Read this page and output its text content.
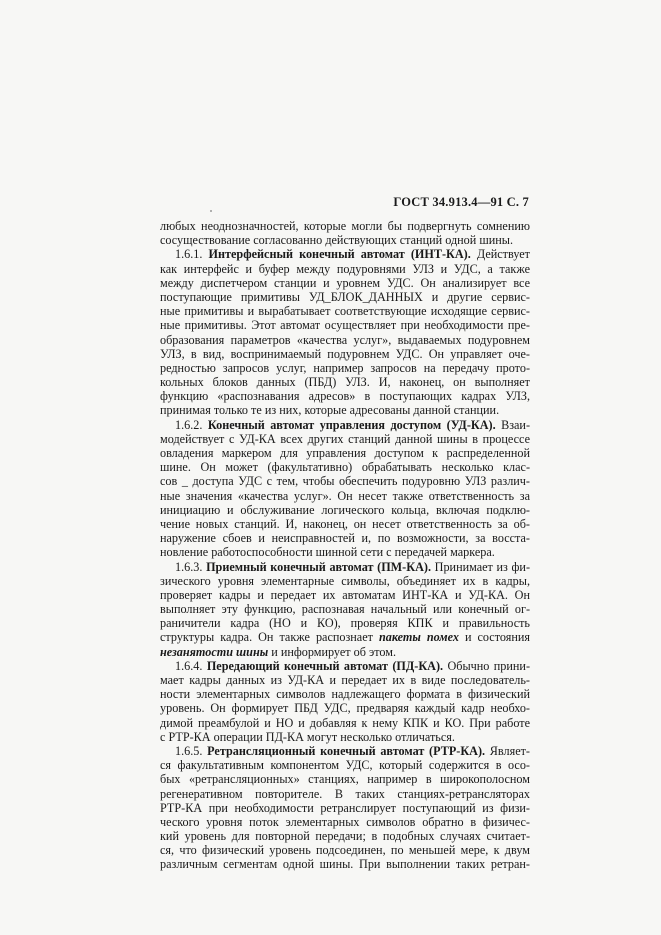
ГОСТ 34.913.4—91 С. 7
любых неоднозначностей, которые могли бы подвергнуть сомнению
сосуществование согласованно действующих станций одной шины.
1.6.1. Интерфейсный конечный автомат (ИНТ-КА). Действует
как интерфейс и буфер между подуровнями УЛЗ и УДС, а также
между диспетчером станции и уровнем УДС. Он анализирует все
поступающие примитивы УД_БЛОК_ДАННЫХ и другие сервис-
ные примитивы и вырабатывает соответствующие исходящие сервис-
ные примитивы. Этот автомат осуществляет при необходимости пре-
образования параметров «качества услуг», выдаваемых подуровнем
УЛЗ, в вид, воспринимаемый подуровнем УДС. Он управляет оче-
редностью запросов услуг, например запросов на передачу прото-
кольных блоков данных (ПБД) УЛЗ. И, наконец, он выполняет
функцию «распознавания адресов» в поступающих кадрах УЛЗ,
принимая только те из них, которые адресованы данной станции.
1.6.2. Конечный автомат управления доступом (УД-КА). Взаи-
модействует с УД-КА всех других станций данной шины в процессе
овладения маркером для управления доступом к распределенной
шине. Он может (факультативно) обрабатывать несколько клас-
сов _ доступа УДС с тем, чтобы обеспечить подуровню УЛЗ различ-
ные значения «качества услуг». Он несет также ответственность за
инициацию и обслуживание логического кольца, включая подклю-
чение новых станций. И, наконец, он несет ответственность за об-
наружение сбоев и неисправностей и, по возможности, за восста-
новление работоспособности шинной сети с передачей маркера.
1.6.3. Приемный конечный автомат (ПМ-КА). Принимает из фи-
зического уровня элементарные символы, объединяет их в кадры,
проверяет кадры и передает их автоматам ИНТ-КА и УД-КА. Он
выполняет эту функцию, распознавая начальный или конечный ог-
раничители кадра (НО и КО), проверяя КПК и правильность
структуры кадра. Он также распознает пакеты помех и состояния
незанятости шины и информирует об этом.
1.6.4. Передающий конечный автомат (ПД-КА). Обычно прини-
мает кадры данных из УД-КА и передает их в виде последователь-
ности элементарных символов надлежащего формата в физический
уровень. Он формирует ПБД УДС, предваряя каждый кадр необхо-
димой преамбулой и НО и добавляя к нему КПК и КО. При работе
с РТР-КА операции ПД-КА могут несколько отличаться.
1.6.5. Ретрансляционный конечный автомат (РТР-КА). Являет-
ся факультативным компонентом УДС, который содержится в осо-
бых «ретрансляционных» станциях, например в широкополосном
регенеративном повторителе. В таких станциях-ретрансляторах
РТР-КА при необходимости ретранслирует поступающий из физи-
ческого уровня поток элементарных символов обратно в физичес-
кий уровень для повторной передачи; в подобных случаях считает-
ся, что физический уровень подсоединен, по меньшей мере, к двум
различным сегментам одной шины. При выполнении таких ретран-
